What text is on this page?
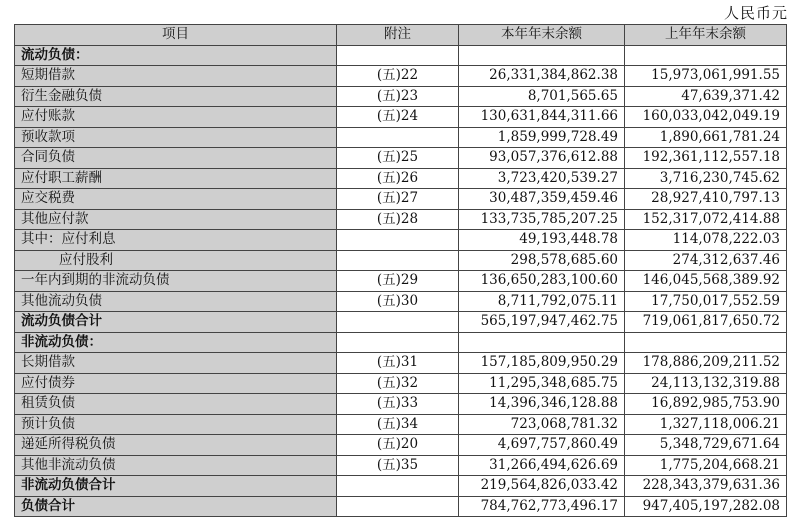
人民币元
项目	附注	本年年末余额	上年年末余额
流动负债：			
短期借款	(五)22	26,331,384,862.38	15,973,061,991.55
衍生金融负债	(五)23	8,701,565.65	47,639,371.42
应付账款	(五)24	130,631,844,311.66	160,033,042,049.19
预收款项		1,859,999,728.49	1,890,661,781.24
合同负债	(五)25	93,057,376,612.88	192,361,112,557.18
应付职工薪酬	(五)26	3,723,420,539.27	3,716,230,745.62
应交税费	(五)27	30,487,359,459.46	28,927,410,797.13
其他应付款	(五)28	133,735,785,207.25	152,317,072,414.88
其中：应付利息		49,193,448.78	114,078,222.03
应付股利		298,578,685.60	274,312,637.46
一年内到期的非流动负债	(五)29	136,650,283,100.60	146,045,568,389.92
其他流动负债	(五)30	8,711,792,075.11	17,750,017,552.59
流动负债合计		565,197,947,462.75	719,061,817,650.72
非流动负债：			
长期借款	(五)31	157,185,809,950.29	178,886,209,211.52
应付债券	(五)32	11,295,348,685.75	24,113,132,319.88
租赁负债	(五)33	14,396,346,128.88	16,892,985,753.90
预计负债	(五)34	723,068,781.32	1,327,118,006.21
递延所得税负债	(五)20	4,697,757,860.49	5,348,729,671.64
其他非流动负债	(五)35	31,266,494,626.69	1,775,204,668.21
非流动负债合计		219,564,826,033.42	228,343,379,631.36
负债合计		784,762,773,496.17	947,405,197,282.08
